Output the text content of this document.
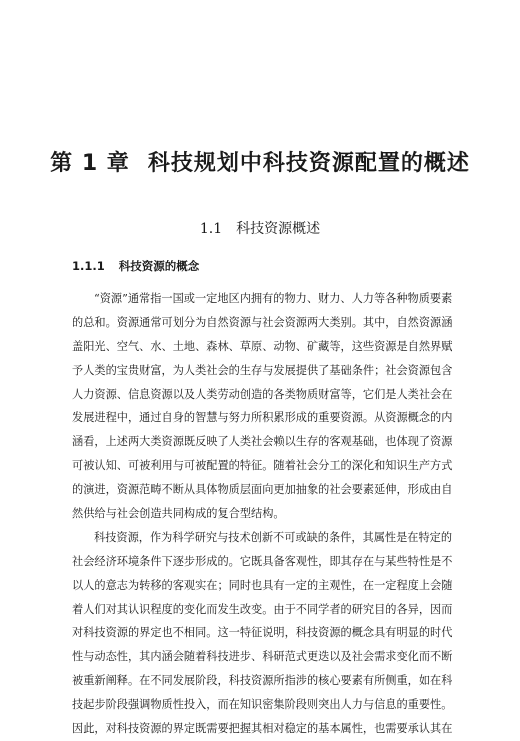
第 1 章 科技规划中科技资源配置的概述
1.1 科技资源概述
1.1.1 科技资源的概念
“资源”通常指一国或一定地区内拥有的物力、财力、人力等各种物质要素
的总和。资源通常可划分为自然资源与社会资源两大类别。其中，自然资源涵
盖阳光、空气、水、土地、森林、草原、动物、矿藏等，这些资源是自然界赋
予人类的宝贵财富，为人类社会的生存与发展提供了基础条件；社会资源包含
人力资源、信息资源以及人类劳动创造的各类物质财富等，它们是人类社会在
发展进程中，通过自身的智慧与努力所积累形成的重要资源。从资源概念的内
涵看，上述两大类资源既反映了人类社会赖以生存的客观基础，也体现了资源
可被认知、可被利用与可被配置的特征。随着社会分工的深化和知识生产方式
的演进，资源范畴不断从具体物质层面向更加抽象的社会要素延伸，形成由自
然供给与社会创造共同构成的复合型结构。
科技资源，作为科学研究与技术创新不可或缺的条件，其属性是在特定的
社会经济环境条件下逐步形成的。它既具备客观性，即其存在与某些特性是不
以人的意志为转移的客观实在；同时也具有一定的主观性，在一定程度上会随
着人们对其认识程度的变化而发生改变。由于不同学者的研究目的各异，因而
对科技资源的界定也不相同。这一特征说明，科技资源的概念具有明显的时代
性与动态性，其内涵会随着科技进步、科研范式更迭以及社会需求变化而不断
被重新阐释。在不同发展阶段，科技资源所指涉的核心要素有所侧重，如在科
技起步阶段强调物质性投入，而在知识密集阶段则突出人力与信息的重要性。
因此，对科技资源的界定既需要把握其相对稳定的基本属性，也需要承认其在
